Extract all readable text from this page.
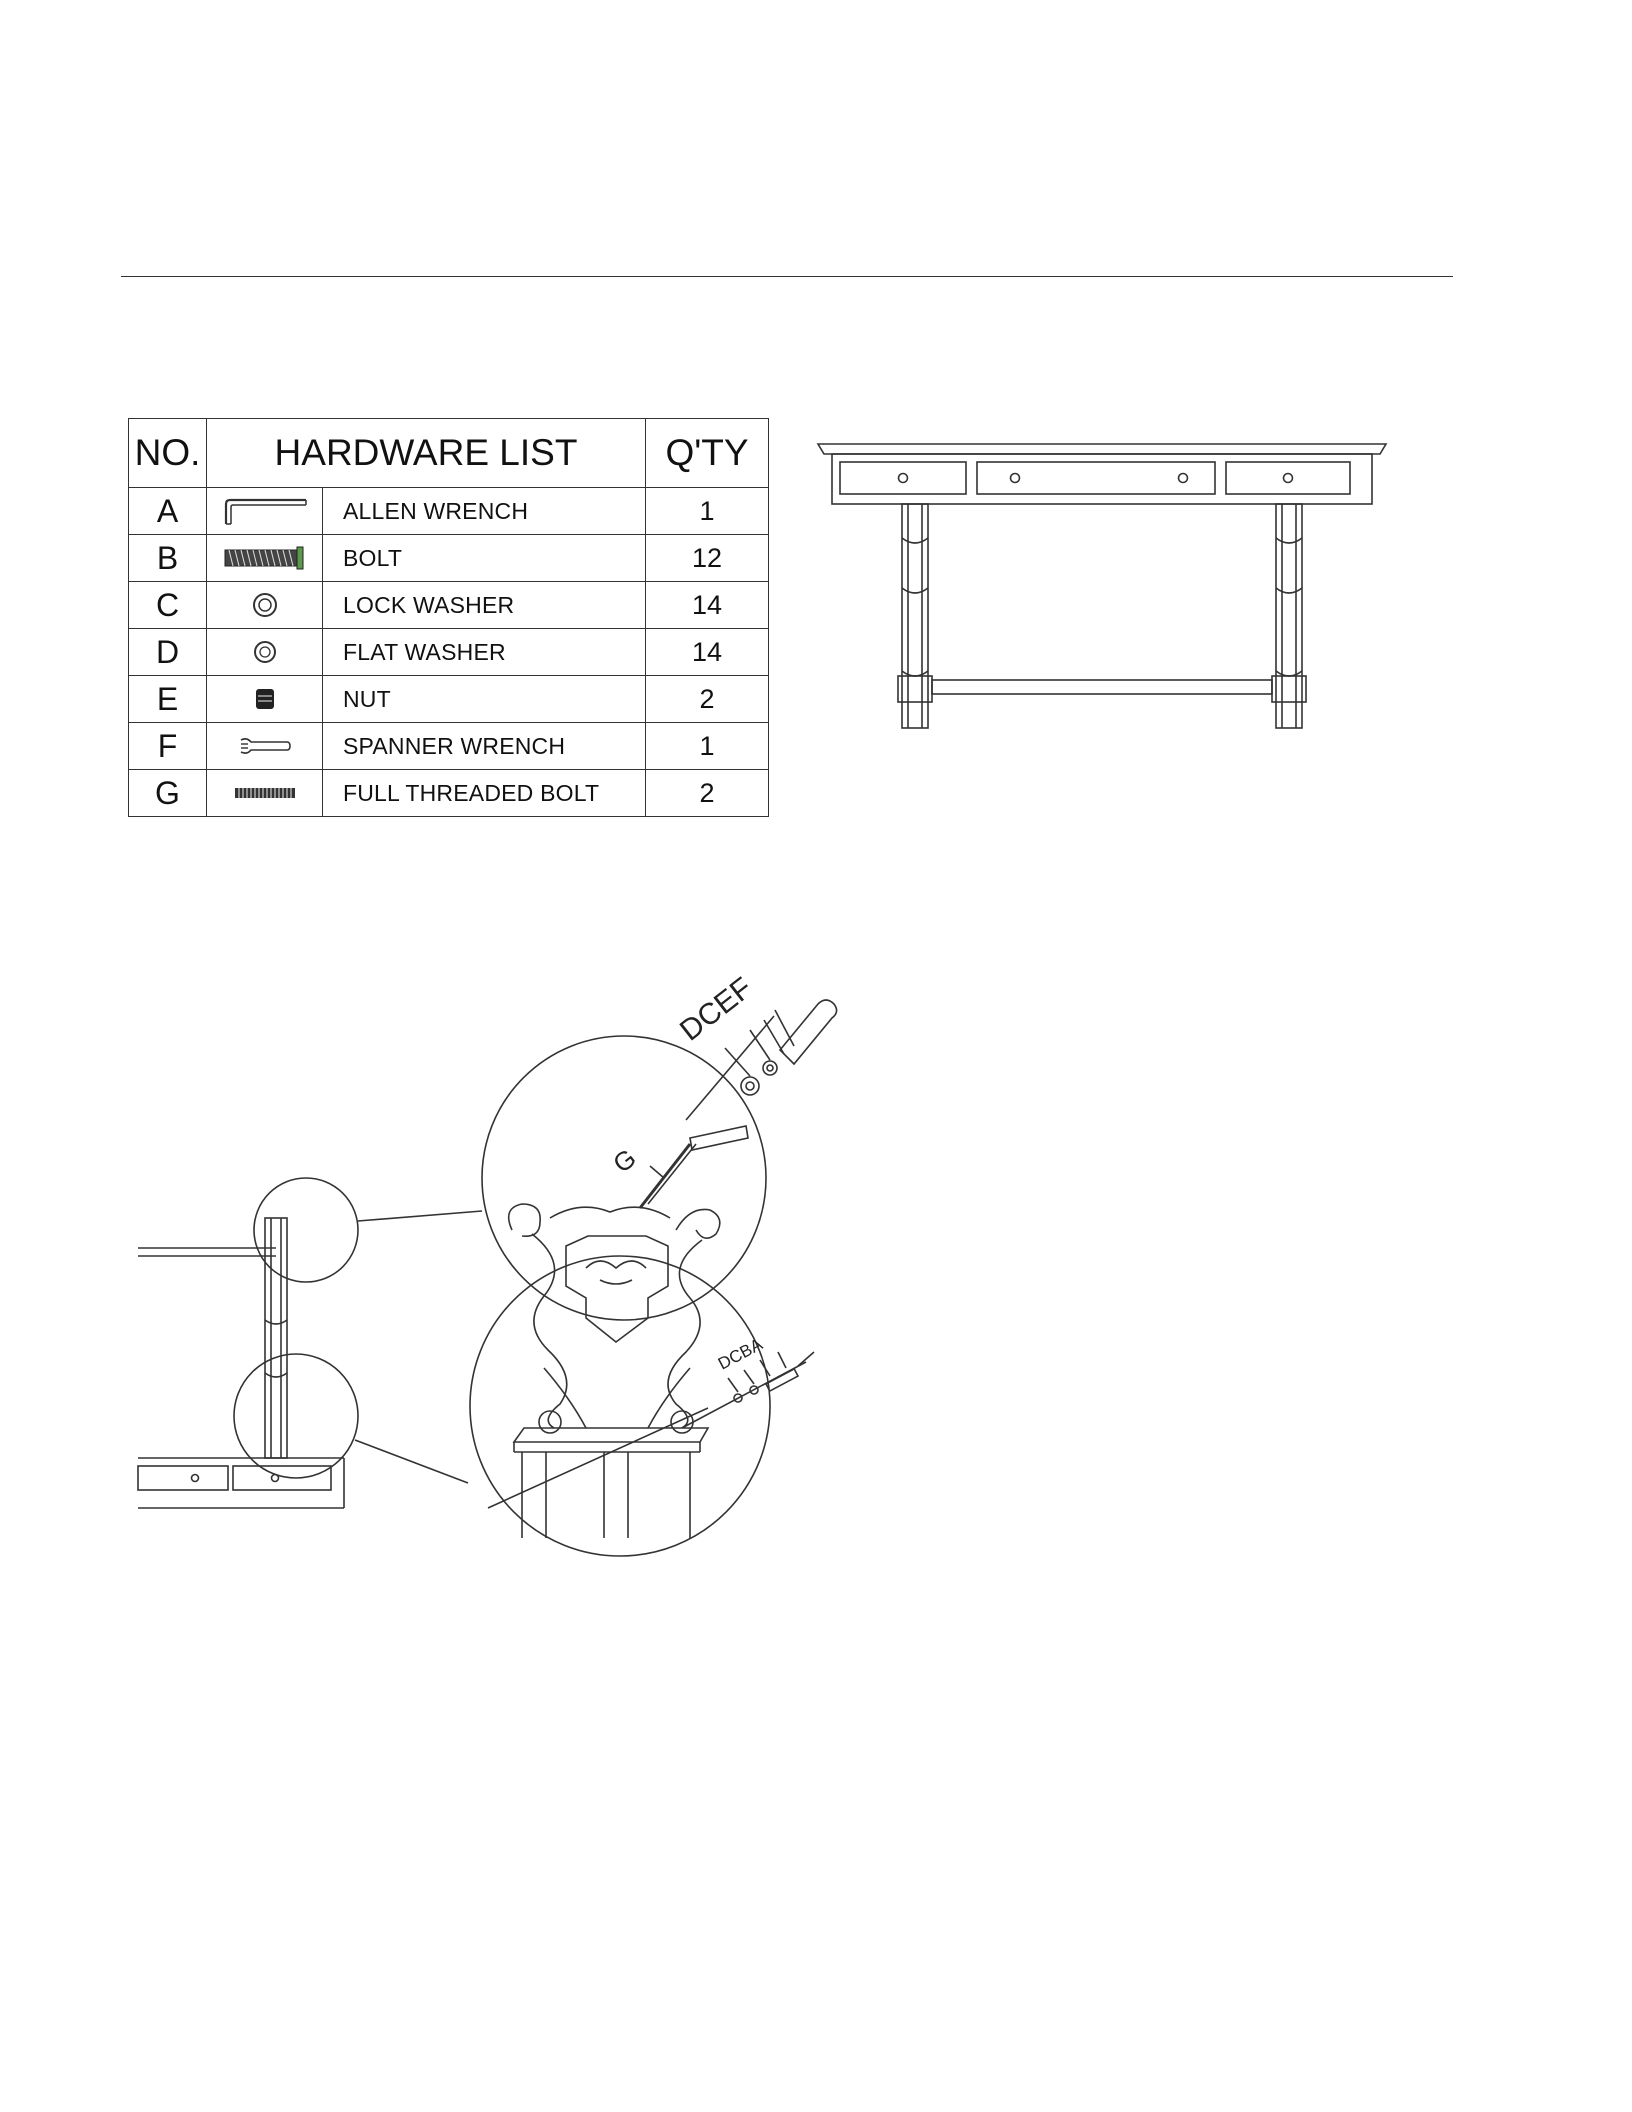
NO.	HARDWARE LIST		Q'TY
A		ALLEN WRENCH	1
B		BOLT	12
C		LOCK WASHER	14
D		FLAT WASHER	14
E		NUT	2
F		SPANNER WRENCH	1
G		FULL THREADED BOLT	2
DCEF
G
DCBA
